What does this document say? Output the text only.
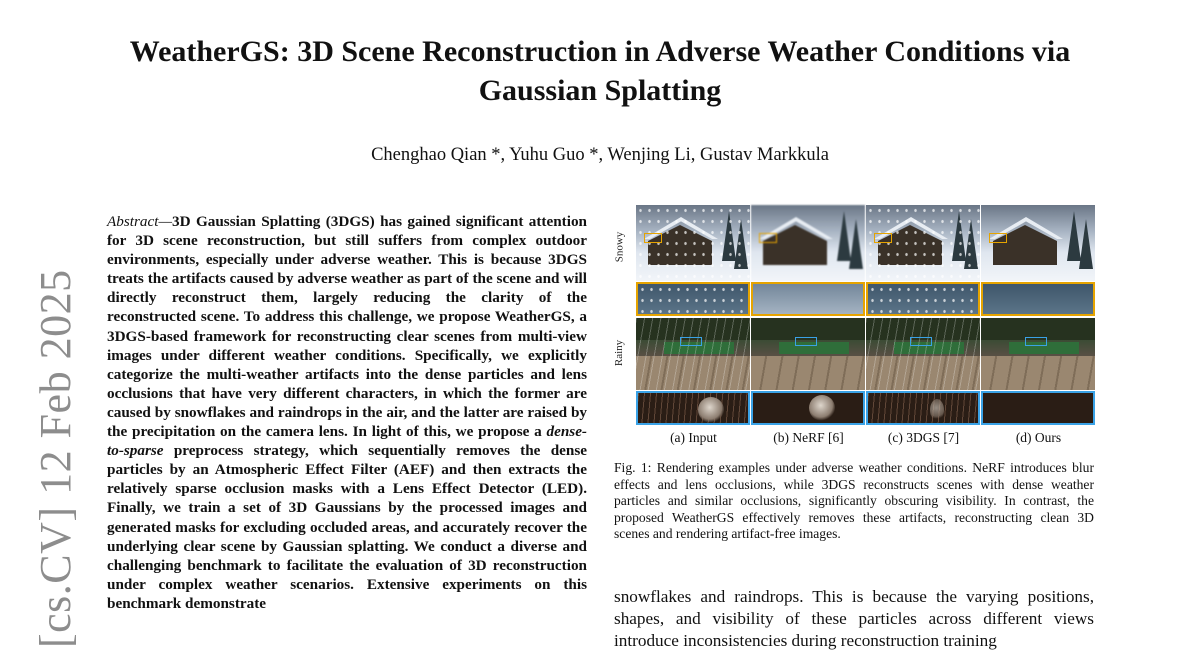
[cs.CV] 12 Feb 2025
WeatherGS: 3D Scene Reconstruction in Adverse Weather Conditions via Gaussian Splatting
Chenghao Qian *, Yuhu Guo *, Wenjing Li, Gustav Markkula

Abstract—3D Gaussian Splatting (3DGS) has gained significant attention for 3D scene reconstruction, but still suffers from complex outdoor environments, especially under adverse weather. This is because 3DGS treats the artifacts caused by adverse weather as part of the scene and will directly reconstruct them, largely reducing the clarity of the reconstructed scene. To address this challenge, we propose WeatherGS, a 3DGS-based framework for reconstructing clear scenes from multi-view images under different weather conditions. Specifically, we explicitly categorize the multi-weather artifacts into the dense particles and lens occlusions that have very different characters, in which the former are caused by snowflakes and raindrops in the air, and the latter are raised by the precipitation on the camera lens. In light of this, we propose a dense-to-sparse preprocess strategy, which sequentially removes the dense particles by an Atmospheric Effect Filter (AEF) and then extracts the relatively sparse occlusion masks with a Lens Effect Detector (LED). Finally, we train a set of 3D Gaussians by the processed images and generated masks for excluding occluded areas, and accurately recover the underlying clear scene by Gaussian splatting. We conduct a diverse and challenging benchmark to facilitate the evaluation of 3D reconstruction under complex weather scenarios. Extensive experiments on this benchmark demonstrate

Snowy
Rainy
(a) Input	(b) NeRF [6]	(c) 3DGS [7]	(d) Ours

Fig. 1: Rendering examples under adverse weather conditions. NeRF introduces blur effects and lens occlusions, while 3DGS reconstructs scenes with dense weather particles and similar occlusions, significantly obscuring visibility. In contrast, the proposed WeatherGS effectively removes these artifacts, reconstructing clean 3D scenes and rendering artifact-free images.

snowflakes and raindrops. This is because the varying positions, shapes, and visibility of these particles across different views introduce inconsistencies during reconstruction training
